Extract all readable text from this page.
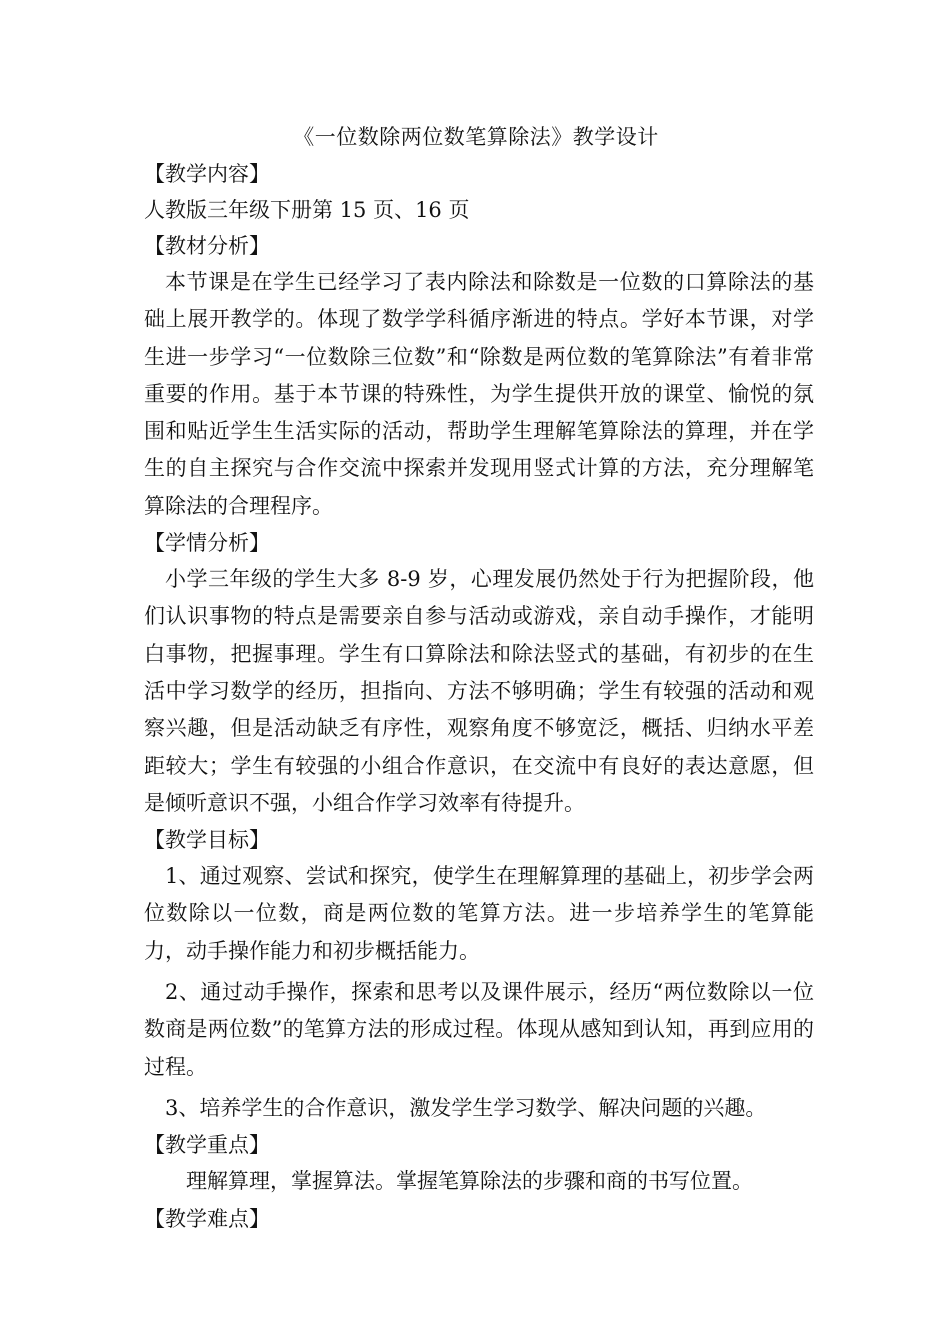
《一位数除两位数笔算除法》教学设计

【教学内容】

人教版三年级下册第 15 页、16 页

【教材分析】

本节课是在学生已经学习了表内除法和除数是一位数的口算除法的基础上展开教学的。体现了数学学科循序渐进的特点。学好本节课，对学生进一步学习“一位数除三位数”和“除数是两位数的笔算除法”有着非常重要的作用。基于本节课的特殊性，为学生提供开放的课堂、愉悦的氛围和贴近学生生活实际的活动，帮助学生理解笔算除法的算理，并在学生的自主探究与合作交流中探索并发现用竖式计算的方法，充分理解笔算除法的合理程序。

【学情分析】

小学三年级的学生大多 8-9 岁，心理发展仍然处于行为把握阶段，他们认识事物的特点是需要亲自参与活动或游戏，亲自动手操作，才能明白事物，把握事理。学生有口算除法和除法竖式的基础，有初步的在生活中学习数学的经历，担指向、方法不够明确；学生有较强的活动和观察兴趣，但是活动缺乏有序性，观察角度不够宽泛，概括、归纳水平差距较大；学生有较强的小组合作意识，在交流中有良好的表达意愿，但是倾听意识不强，小组合作学习效率有待提升。

【教学目标】

1、通过观察、尝试和探究，使学生在理解算理的基础上，初步学会两位数除以一位数，商是两位数的笔算方法。进一步培养学生的笔算能力，动手操作能力和初步概括能力。

2、通过动手操作，探索和思考以及课件展示，经历“两位数除以一位数商是两位数”的笔算方法的形成过程。体现从感知到认知，再到应用的过程。

3、培养学生的合作意识，激发学生学习数学、解决问题的兴趣。

【教学重点】

理解算理，掌握算法。掌握笔算除法的步骤和商的书写位置。

【教学难点】
